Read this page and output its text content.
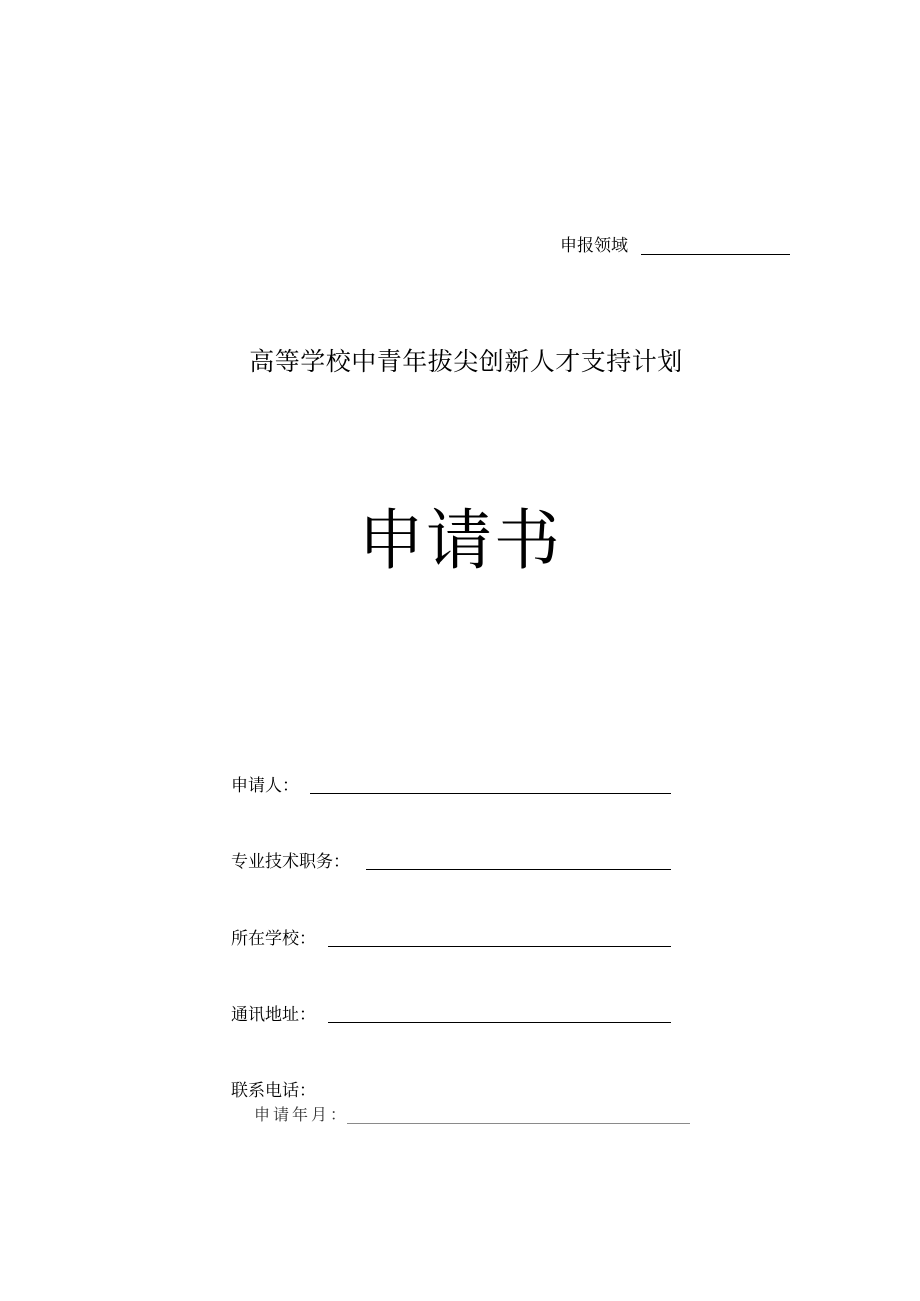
申报领域
高等学校中青年拔尖创新人才支持计划
申请书
申请人：
专业技术职务：
所在学校：
通讯地址：
联系电话：
申请年月：
